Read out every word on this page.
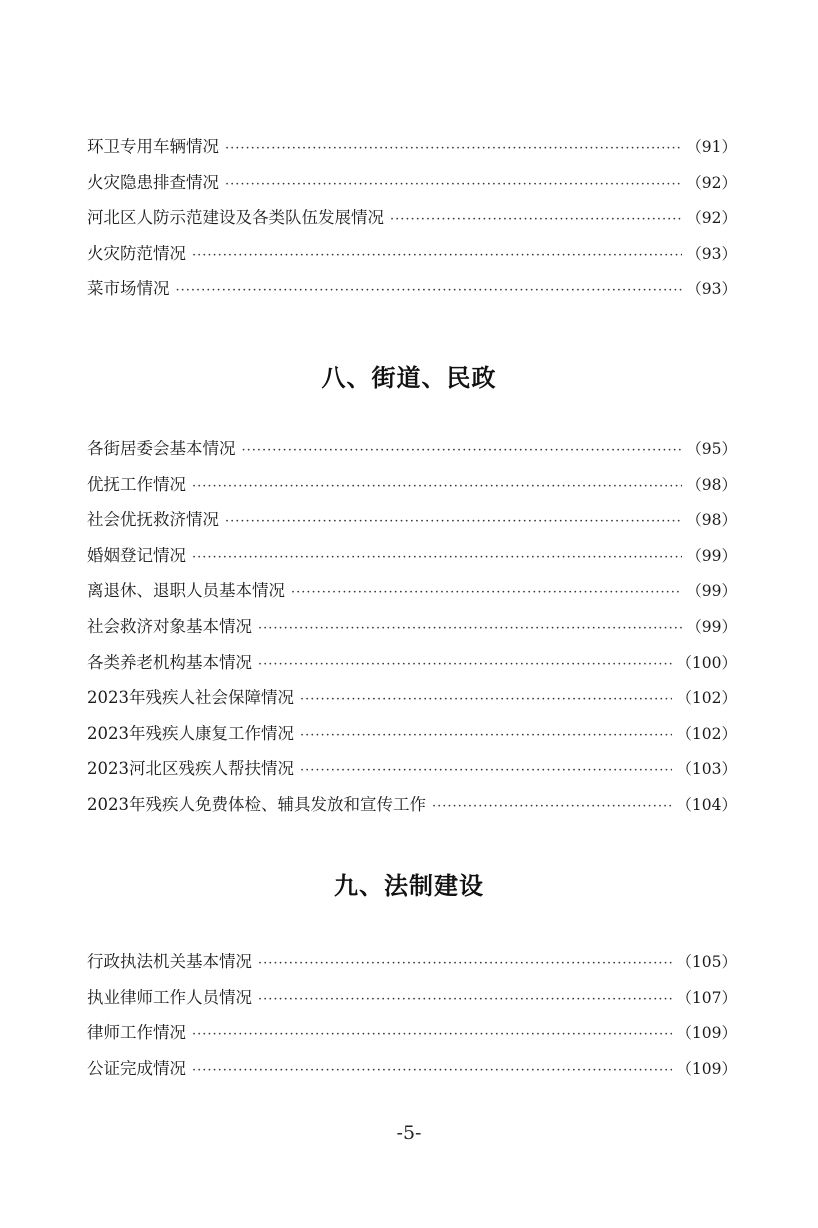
环卫专用车辆情况 ·····	（91）
火灾隐患排查情况 ·····	（92）
河北区人防示范建设及各类队伍发展情况 ·····	（92）
火灾防范情况 ·····	（93）
菜市场情况 ·····	（93）
八、街道、民政
各街居委会基本情况 ·····	（95）
优抚工作情况 ·····	（98）
社会优抚救济情况 ·····	（98）
婚姻登记情况 ·····	（99）
离退休、退职人员基本情况 ·····	（99）
社会救济对象基本情况 ·····	（99）
各类养老机构基本情况 ·····	（100）
2023年残疾人社会保障情况 ·····	（102）
2023年残疾人康复工作情况 ·····	（102）
2023河北区残疾人帮扶情况 ·····	（103）
2023年残疾人免费体检、辅具发放和宣传工作 ·····	（104）
九、法制建设
行政执法机关基本情况 ·····	（105）
执业律师工作人员情况 ·····	（107）
律师工作情况 ·····	（109）
公证完成情况 ·····	（109）
-5-
